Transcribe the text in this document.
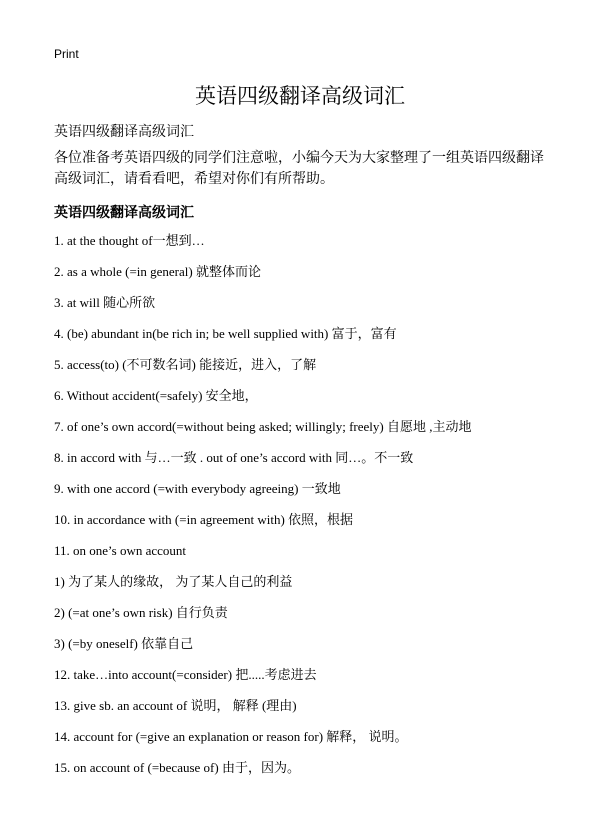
Print
英语四级翻译高级词汇
英语四级翻译高级词汇
各位准备考英语四级的同学们注意啦，小编今天为大家整理了一组英语四级翻译高级词汇，请看看吧，希望对你们有所帮助。
英语四级翻译高级词汇
1. at the thought of一想到…
2. as a whole (=in general) 就整体而论
3. at will 随心所欲
4. (be) abundant in(be rich in; be well supplied with) 富于，富有
5. access(to) (不可数名词) 能接近，进入，了解
6. Without accident(=safely) 安全地，
7. of one’s own accord(=without being asked; willingly; freely) 自愿地 ,主动地
8. in accord with 与…一致 . out of one’s accord with 同…。不一致
9. with one accord (=with everybody agreeing) 一致地
10. in accordance with (=in agreement with) 依照，根据
11. on one’s own account
1) 为了某人的缘故， 为了某人自己的利益
2) (=at one’s own risk) 自行负责
3) (=by oneself) 依靠自己
12. take…into account(=consider) 把.....考虑进去
13. give sb. an account of 说明， 解释 (理由)
14. account for (=give an explanation or reason for) 解释， 说明。
15. on account of (=because of) 由于，因为。
